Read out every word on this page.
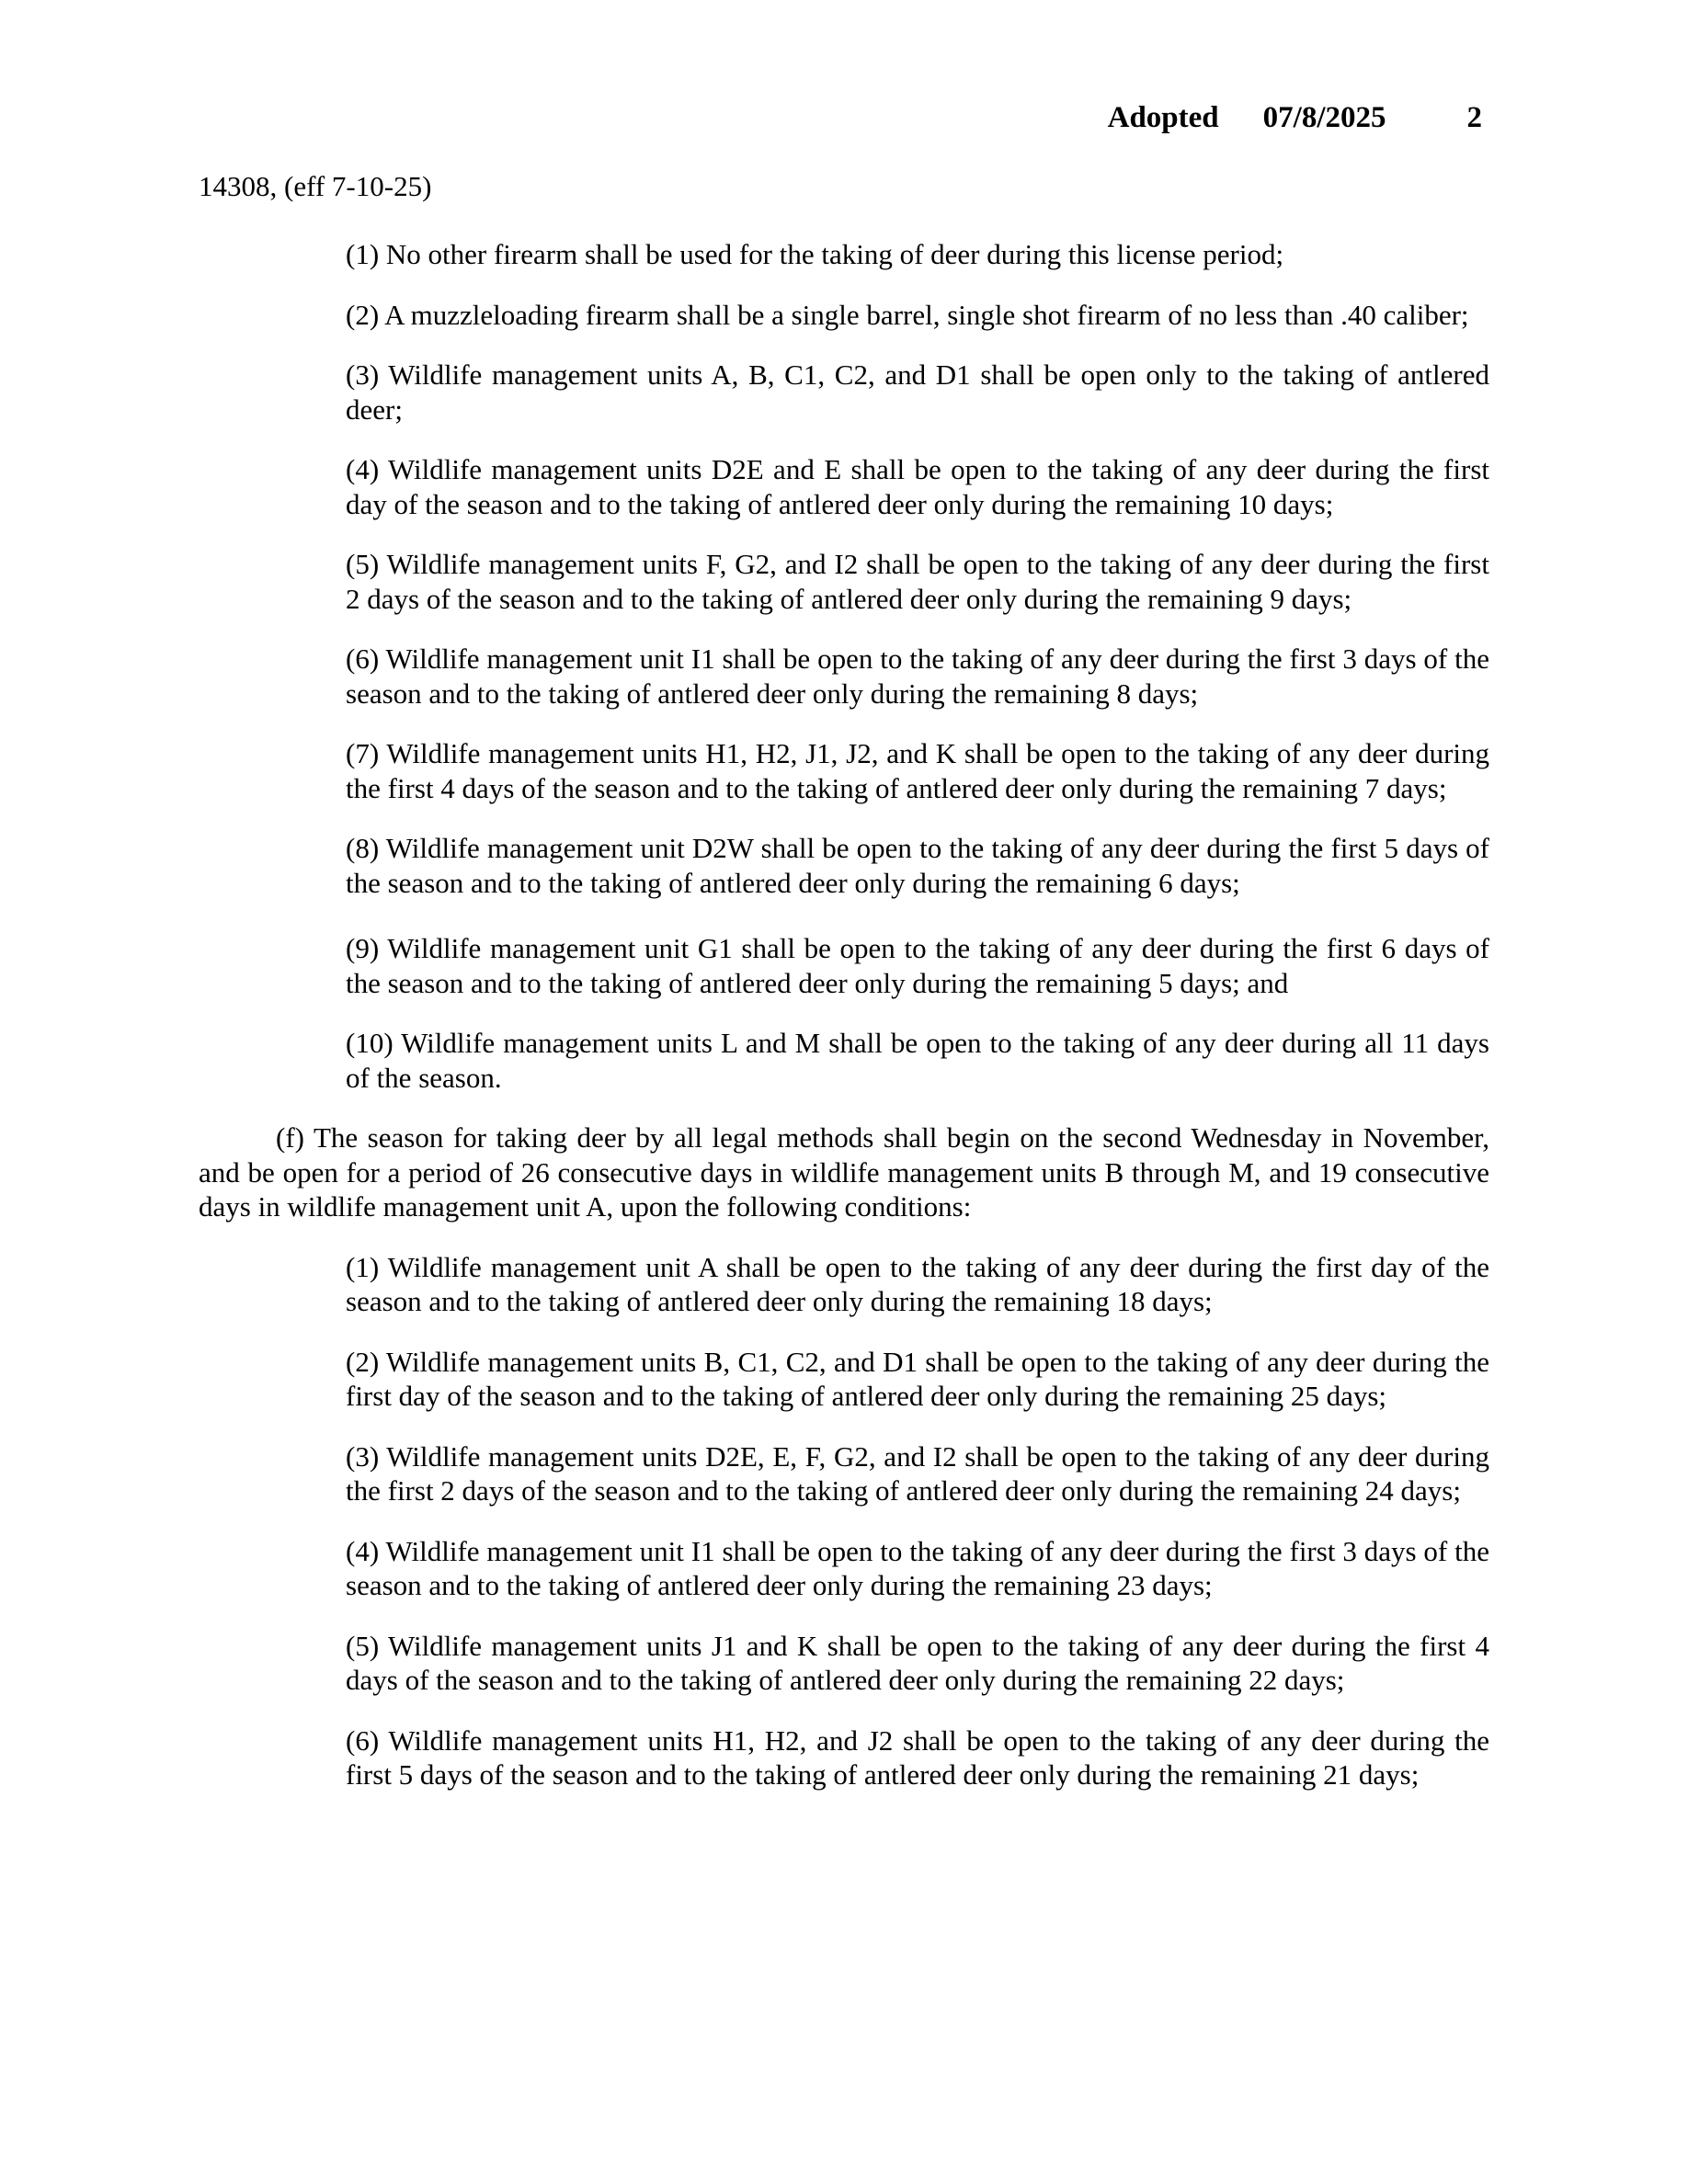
Adopted 07/8/2025	2
14308, (eff 7-10-25)
(1) No other firearm shall be used for the taking of deer during this license period;
(2) A muzzleloading firearm shall be a single barrel, single shot firearm of no less than .40 caliber;
(3) Wildlife management units A, B, C1, C2, and D1 shall be open only to the taking of antlered deer;
(4) Wildlife management units D2E and E shall be open to the taking of any deer during the first day of the season and to the taking of antlered deer only during the remaining 10 days;
(5) Wildlife management units F, G2, and I2 shall be open to the taking of any deer during the first 2 days of the season and to the taking of antlered deer only during the remaining 9 days;
(6) Wildlife management unit I1 shall be open to the taking of any deer during the first 3 days of the season and to the taking of antlered deer only during the remaining 8 days;
(7) Wildlife management units H1, H2, J1, J2, and K shall be open to the taking of any deer during the first 4 days of the season and to the taking of antlered deer only during the remaining 7 days;
(8) Wildlife management unit D2W shall be open to the taking of any deer during the first 5 days of the season and to the taking of antlered deer only during the remaining 6 days;
(9) Wildlife management unit G1 shall be open to the taking of any deer during the first 6 days of the season and to the taking of antlered deer only during the remaining 5 days; and
(10) Wildlife management units L and M shall be open to the taking of any deer during all 11 days of the season.
(f) The season for taking deer by all legal methods shall begin on the second Wednesday in November, and be open for a period of 26 consecutive days in wildlife management units B through M, and 19 consecutive days in wildlife management unit A, upon the following conditions:
(1) Wildlife management unit A shall be open to the taking of any deer during the first day of the season and to the taking of antlered deer only during the remaining 18 days;
(2) Wildlife management units B, C1, C2, and D1 shall be open to the taking of any deer during the first day of the season and to the taking of antlered deer only during the remaining 25 days;
(3) Wildlife management units D2E, E, F, G2, and I2 shall be open to the taking of any deer during the first 2 days of the season and to the taking of antlered deer only during the remaining 24 days;
(4) Wildlife management unit I1 shall be open to the taking of any deer during the first 3 days of the season and to the taking of antlered deer only during the remaining 23 days;
(5) Wildlife management units J1 and K shall be open to the taking of any deer during the first 4 days of the season and to the taking of antlered deer only during the remaining 22 days;
(6) Wildlife management units H1, H2, and J2 shall be open to the taking of any deer during the first 5 days of the season and to the taking of antlered deer only during the remaining 21 days;
